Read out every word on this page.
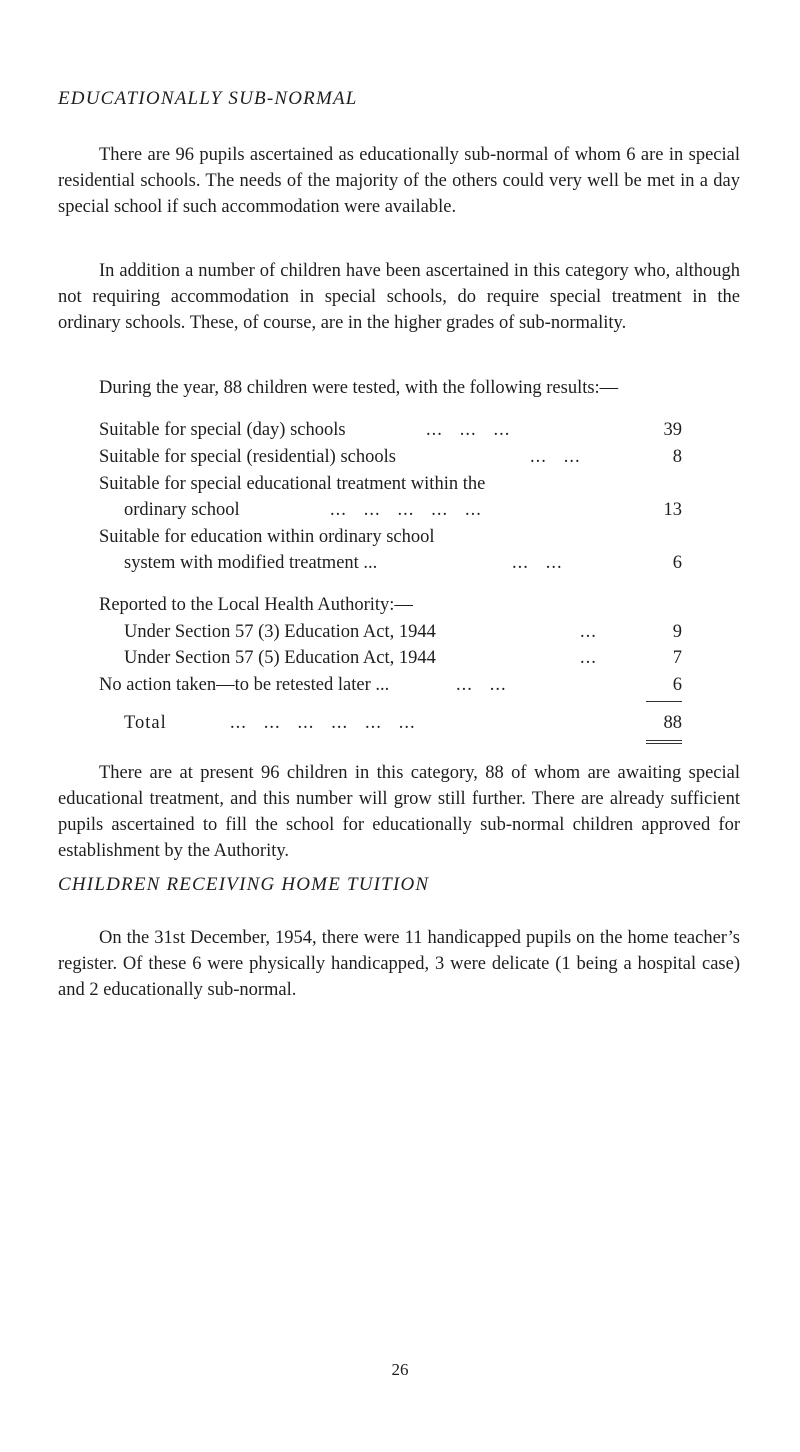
EDUCATIONALLY SUB-NORMAL

There are 96 pupils ascertained as educationally sub-normal of whom 6 are in special residential schools. The needs of the majority of the others could very well be met in a day special school if such accommodation were available.

In addition a number of children have been ascertained in this category who, although not requiring accommodation in special schools, do require special treatment in the ordinary schools. These, of course, are in the higher grades of sub-normality.

During the year, 88 children were tested, with the following results:—

Suitable for special (day) schools	...   ...   ...	39
Suitable for special (residential) schools	...   ...	8
Suitable for special educational treatment within the
ordinary school	...   ...   ...   ...   ...	13
Suitable for education within ordinary school
system with modified treatment ...	...   ...	6
Reported to the Local Health Authority:—
Under Section 57 (3) Education Act, 1944	...	9
Under Section 57 (5) Education Act, 1944	...	7
No action taken—to be retested later ...	...   ...	6
Total	...   ...   ...   ...   ...   ...	88

There are at present 96 children in this category, 88 of whom are awaiting special educational treatment, and this number will grow still further. There are already sufficient pupils ascertained to fill the school for educationally sub-normal children approved for establishment by the Authority.

CHILDREN RECEIVING HOME TUITION

On the 31st December, 1954, there were 11 handicapped pupils on the home teacher’s register. Of these 6 were physically handicapped, 3 were delicate (1 being a hospital case) and 2 educationally sub-normal.

26
